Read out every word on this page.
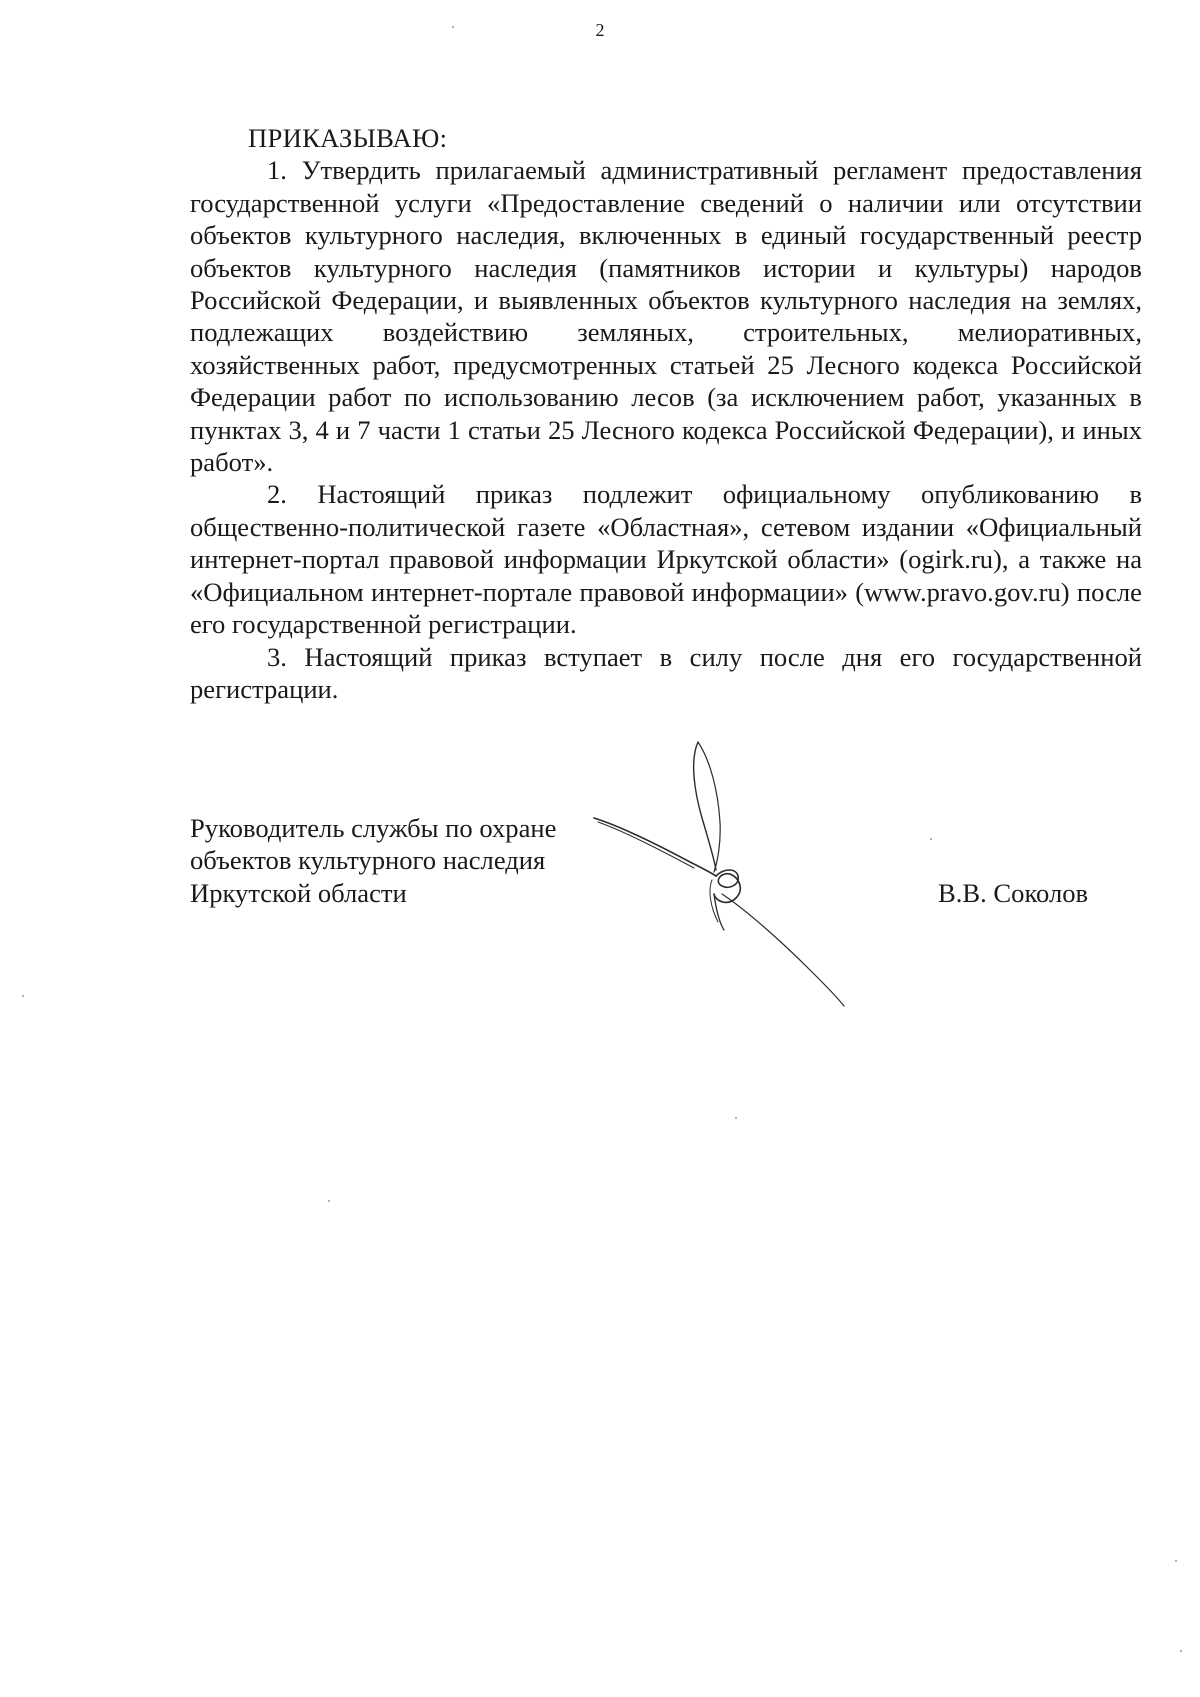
2

ПРИКАЗЫВАЮ:

1. Утвердить прилагаемый административный регламент предоставления государственной услуги «Предоставление сведений о наличии или отсутствии объектов культурного наследия, включенных в единый государственный реестр объектов культурного наследия (памятников истории и культуры) народов Российской Федерации, и выявленных объектов культурного наследия на землях, подлежащих воздействию земляных, строительных, мелиоративных, хозяйственных работ, предусмотренных статьей 25 Лесного кодекса Российской Федерации работ по использованию лесов (за исключением работ, указанных в пунктах 3, 4 и 7 части 1 статьи 25 Лесного кодекса Российской Федерации), и иных работ».

2. Настоящий приказ подлежит официальному опубликованию в общественно-политической газете «Областная», сетевом издании «Официальный интернет-портал правовой информации Иркутской области» (ogirk.ru), а также на «Официальном интернет-портале правовой информации» (www.pravo.gov.ru) после его государственной регистрации.

3. Настоящий приказ вступает в силу после дня его государственной регистрации.

Руководитель службы по охране
объектов культурного наследия
Иркутской области	В.В. Соколов
